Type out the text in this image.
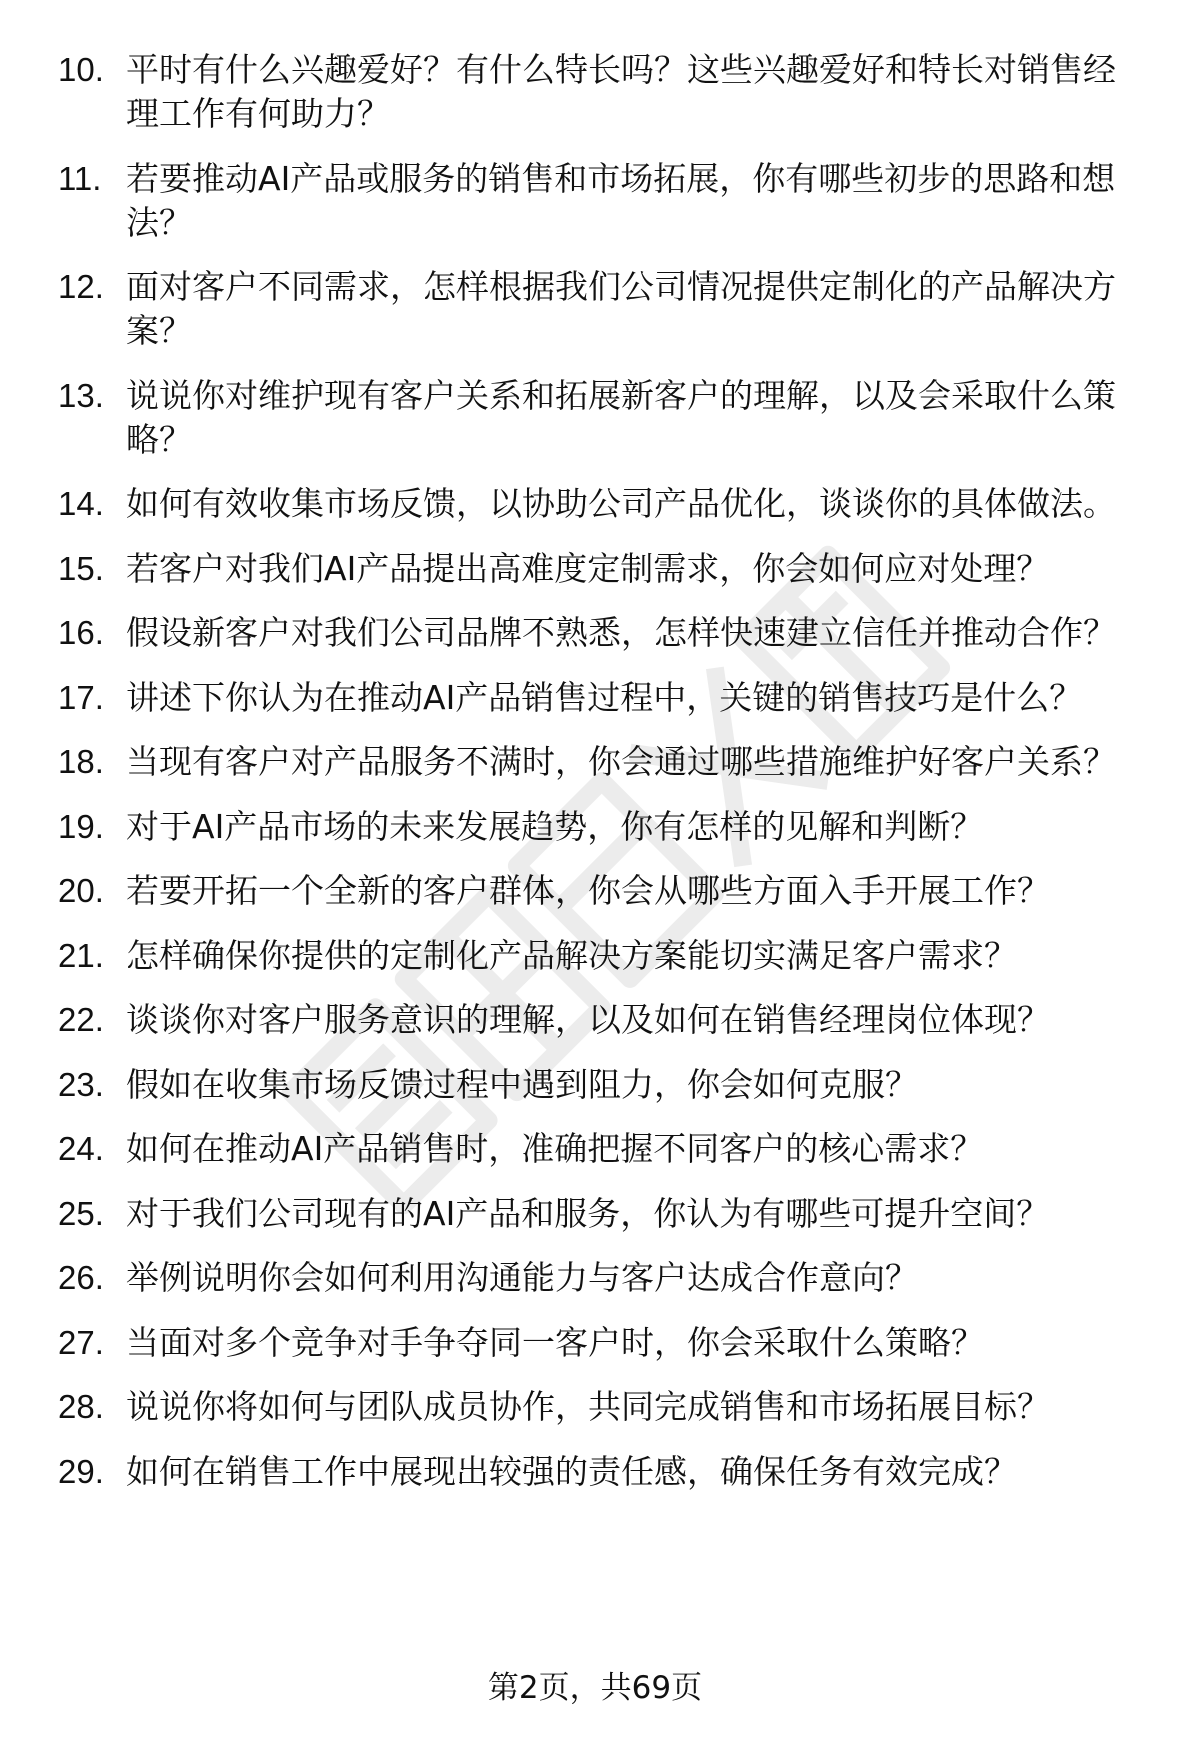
10. 平时有什么兴趣爱好？有什么特长吗？这些兴趣爱好和特长对销售经理工作有何助力？
11. 若要推动AI产品或服务的销售和市场拓展，你有哪些初步的思路和想法？
12. 面对客户不同需求，怎样根据我们公司情况提供定制化的产品解决方案？
13. 说说你对维护现有客户关系和拓展新客户的理解，以及会采取什么策略？
14. 如何有效收集市场反馈，以协助公司产品优化，谈谈你的具体做法。
15. 若客户对我们AI产品提出高难度定制需求，你会如何应对处理？
16. 假设新客户对我们公司品牌不熟悉，怎样快速建立信任并推动合作？
17. 讲述下你认为在推动AI产品销售过程中，关键的销售技巧是什么？
18. 当现有客户对产品服务不满时，你会通过哪些措施维护好客户关系？
19. 对于AI产品市场的未来发展趋势，你有怎样的见解和判断？
20. 若要开拓一个全新的客户群体，你会从哪些方面入手开展工作？
21. 怎样确保你提供的定制化产品解决方案能切实满足客户需求？
22. 谈谈你对客户服务意识的理解，以及如何在销售经理岗位体现？
23. 假如在收集市场反馈过程中遇到阻力，你会如何克服？
24. 如何在推动AI产品销售时，准确把握不同客户的核心需求？
25. 对于我们公司现有的AI产品和服务，你认为有哪些可提升空间？
26. 举例说明你会如何利用沟通能力与客户达成合作意向？
27. 当面对多个竞争对手争夺同一客户时，你会采取什么策略？
28. 说说你将如何与团队成员协作，共同完成销售和市场拓展目标？
29. 如何在销售工作中展现出较强的责任感，确保任务有效完成？
第2页，共69页
